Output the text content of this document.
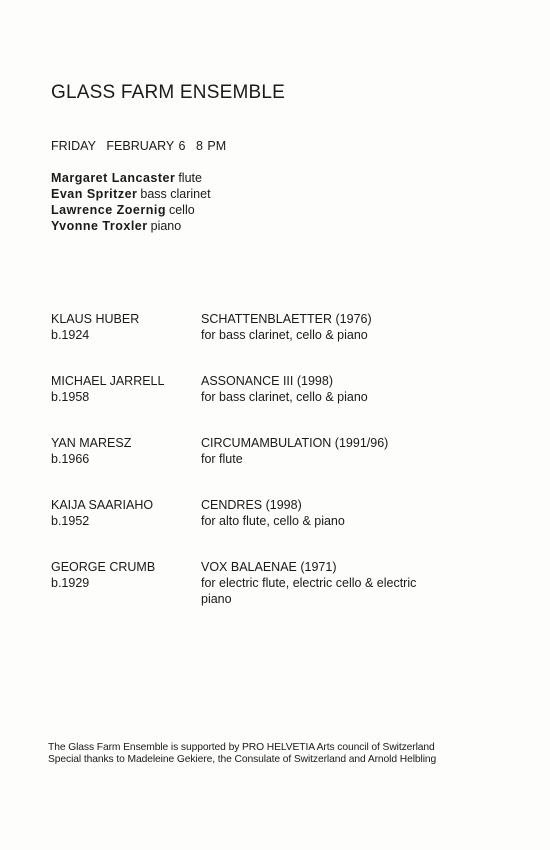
GLASS FARM ENSEMBLE
FRIDAY FEBRUARY 6 8 PM
Margaret Lancaster flute
Evan Spritzer bass clarinet
Lawrence Zoernig cello
Yvonne Troxler piano
KLAUS HUBER
b.1924
SCHATTENBLAETTER (1976)
for bass clarinet, cello & piano
MICHAEL JARRELL
b.1958
ASSONANCE III (1998)
for bass clarinet, cello & piano
YAN MARESZ
b.1966
CIRCUMAMBULATION (1991/96)
for flute
KAIJA SAARIAHO
b.1952
CENDRES (1998)
for alto flute, cello & piano
GEORGE CRUMB
b.1929
VOX BALAENAE (1971)
for electric flute, electric cello & electric piano
The Glass Farm Ensemble is supported by PRO HELVETIA Arts council of Switzerland
Special thanks to Madeleine Gekiere, the Consulate of Switzerland and Arnold Helbling
